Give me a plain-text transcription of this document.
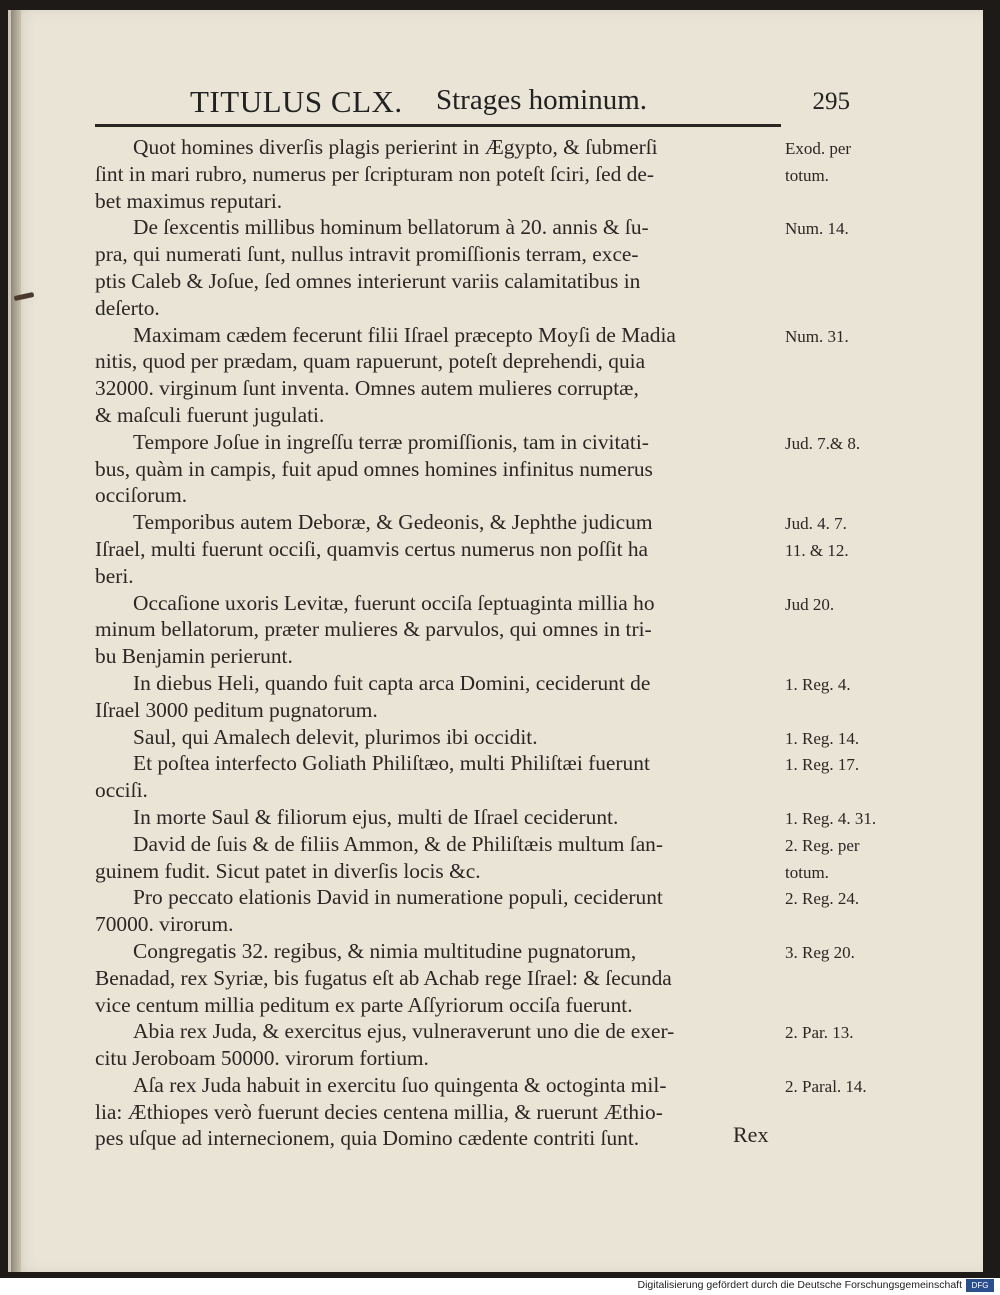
TITULUS CLX. Strages hominum.	295
Quot homines diverſis plagis perierint in Ægypto, & ſubmerſi
ſint in mari rubro, numerus per ſcripturam non poteſt ſciri, ſed de-
bet maximus reputari.
Exod. per
totum.
De ſexcentis millibus hominum bellatorum à 20. annis & ſu-
pra, qui numerati ſunt, nullus intravit promiſſionis terram, exce-
ptis Caleb & Joſue, ſed omnes interierunt variis calamitatibus in
deſerto.
Num. 14.
Maximam cædem fecerunt filii Iſrael præcepto Moyſi de Madia
nitis, quod per prædam, quam rapuerunt, poteſt deprehendi, quia
32000. virginum ſunt inventa. Omnes autem mulieres corruptæ,
& maſculi fuerunt jugulati.
Num. 31.
Tempore Joſue in ingreſſu terræ promiſſionis, tam in civitati-
bus, quàm in campis, fuit apud omnes homines infinitus numerus
occiſorum.
Jud. 7.& 8.
Temporibus autem Deboræ, & Gedeonis, & Jephthe judicum
Iſrael, multi fuerunt occiſi, quamvis certus numerus non poſſit ha
beri.
Jud. 4. 7.
11. & 12.
Occaſione uxoris Levitæ, fuerunt occiſa ſeptuaginta millia ho
minum bellatorum, præter mulieres & parvulos, qui omnes in tri-
bu Benjamin perierunt.
Jud 20.
In diebus Heli, quando fuit capta arca Domini, ceciderunt de
Iſrael 3000 peditum pugnatorum.
1. Reg. 4.
Saul, qui Amalech delevit, plurimos ibi occidit.	1. Reg. 14.
Et poſtea interfecto Goliath Philiſtæo, multi Philiſtæi fuerunt
occiſi.
1. Reg. 17.
In morte Saul & filiorum ejus, multi de Iſrael ceciderunt.	1. Reg. 4. 31.
David de ſuis & de filiis Ammon, & de Philiſtæis multum ſan-
guinem fudit. Sicut patet in diverſis locis &c.
2. Reg. per
totum.
Pro peccato elationis David in numeratione populi, ceciderunt
70000. virorum.
2. Reg. 24.
Congregatis 32. regibus, & nimia multitudine pugnatorum,
Benadad, rex Syriæ, bis fugatus eſt ab Achab rege Iſrael: & ſecunda
vice centum millia peditum ex parte Aſſyriorum occiſa fuerunt.
3. Reg 20.
Abia rex Juda, & exercitus ejus, vulneraverunt uno die de exer-
citu Jeroboam 50000. virorum fortium.
2. Par. 13.
Aſa rex Juda habuit in exercitu ſuo quingenta & octoginta mil-
lia: Æthiopes verò fuerunt decies centena millia, & ruerunt Æthio-
pes uſque ad internecionem, quia Domino cædente contriti ſunt.
2. Paral. 14.
Rex
Digitalisierung gefördert durch die Deutsche Forschungsgemeinschaft	DFG
